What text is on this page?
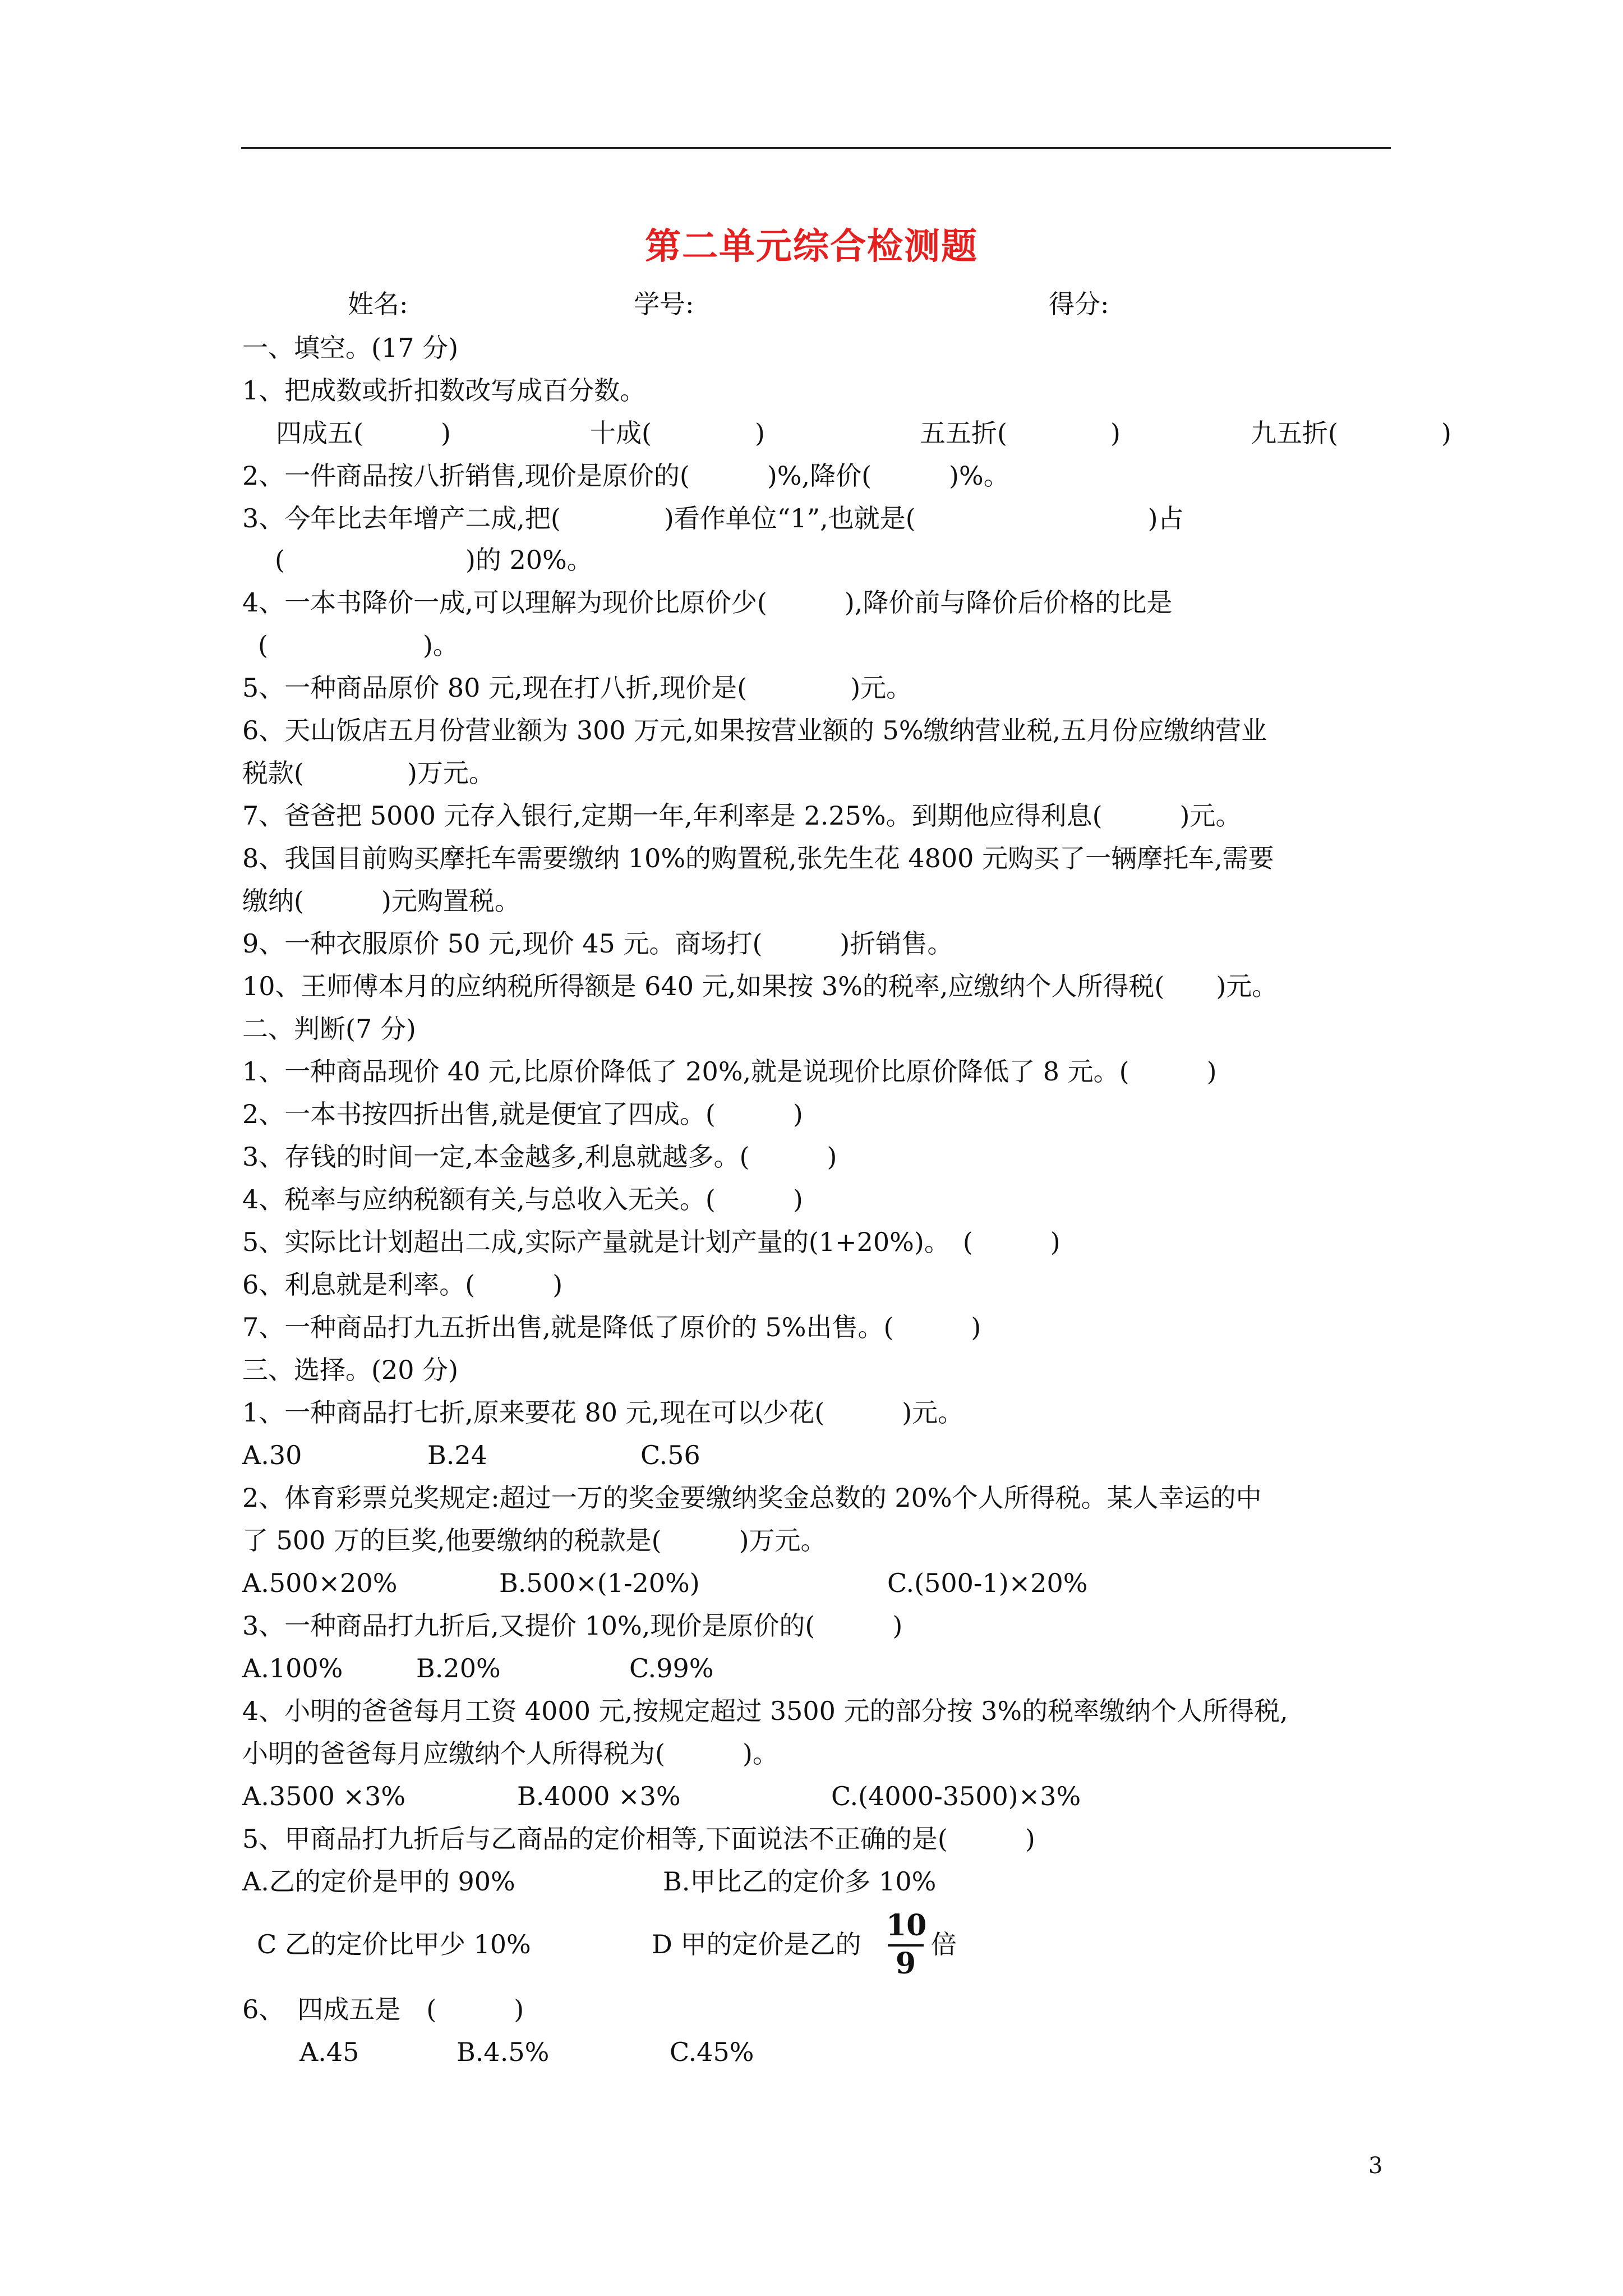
第二单元综合检测题
姓名:	学号:	得分:
一、填空。(17 分)
1、把成数或折扣数改写成百分数。
四成五(　　　)	十成(　　　　)	五五折(　　　　)	九五折(　　　　)
2、一件商品按八折销售,现价是原价的(　　　)%,降价(　　　)%。
3、今年比去年增产二成,把(　　　　)看作单位“1”,也就是(　　　　　　　　　)占
(　　　　　　　)的 20%。
4、一本书降价一成,可以理解为现价比原价少(　　　),降价前与降价后价格的比是
(　　　　　　)。
5、一种商品原价 80 元,现在打八折,现价是(　　　　)元。
6、天山饭店五月份营业额为 300 万元,如果按营业额的 5%缴纳营业税,五月份应缴纳营业
税款(　　　　)万元。
7、爸爸把 5000 元存入银行,定期一年,年利率是 2.25%。到期他应得利息(　　　)元。
8、我国目前购买摩托车需要缴纳 10%的购置税,张先生花 4800 元购买了一辆摩托车,需要
缴纳(　　　)元购置税。
9、一种衣服原价 50 元,现价 45 元。商场打(　　　)折销售。
10、王师傅本月的应纳税所得额是 640 元,如果按 3%的税率,应缴纳个人所得税(　　)元。
二、判断(7 分)
1、一种商品现价 40 元,比原价降低了 20%,就是说现价比原价降低了 8 元。(　　　)
2、一本书按四折出售,就是便宜了四成。(　　　)
3、存钱的时间一定,本金越多,利息就越多。(　　　)
4、税率与应纳税额有关,与总收入无关。(　　　)
5、实际比计划超出二成,实际产量就是计划产量的(1+20%)。　(　　　)
6、利息就是利率。(　　　)
7、一种商品打九五折出售,就是降低了原价的 5%出售。(　　　)
三、选择。(20 分)
1、一种商品打七折,原来要花 80 元,现在可以少花(　　　)元。
A.30	B.24	C.56
2、体育彩票兑奖规定:超过一万的奖金要缴纳奖金总数的 20%个人所得税。某人幸运的中
了 500 万的巨奖,他要缴纳的税款是(　　　)万元。
A.500×20%	B.500×(1-20%)	C.(500-1)×20%
3、一种商品打九折后,又提价 10%,现价是原价的(　　　)
A.100%	B.20%	C.99%
4、小明的爸爸每月工资 4000 元,按规定超过 3500 元的部分按 3%的税率缴纳个人所得税,
小明的爸爸每月应缴纳个人所得税为(　　　)。
A.3500 ×3%	B.4000 ×3%	C.(4000-3500)×3%
5、甲商品打九折后与乙商品的定价相等,下面说法不正确的是(　　　)
A.乙的定价是甲的 90%	B.甲比乙的定价多 10%
C 乙的定价比甲少 10%	D 甲的定价是乙的
10
9
倍
6、　四成五是　(　　　)
A.45	B.4.5%	C.45%
3
